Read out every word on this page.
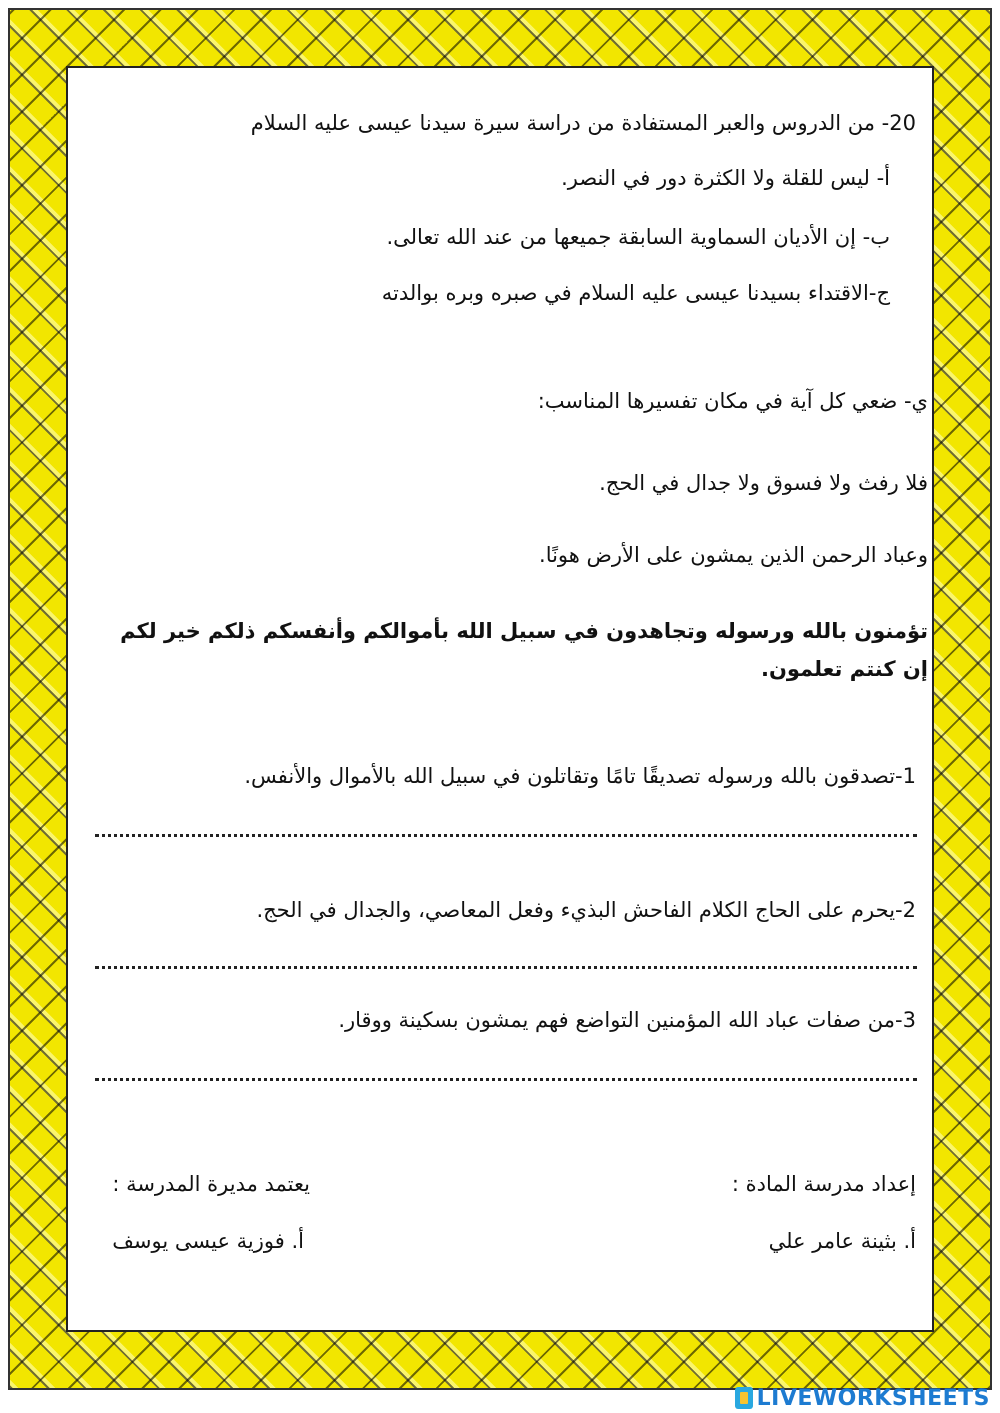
20- من الدروس والعبر المستفادة من دراسة سيرة سيدنا عيسى عليه السلام
أ- ليس للقلة ولا الكثرة دور في النصر.
ب- إن الأديان السماوية السابقة جميعها من عند الله تعالى.
ج-الاقتداء بسيدنا عيسى عليه السلام في صبره وبره بوالدته
ي- ضعي كل آية في مكان تفسيرها المناسب:
فلا رفث ولا فسوق ولا جدال في الحج.
وعباد الرحمن الذين يمشون على الأرض هونًا.
تؤمنون بالله ورسوله وتجاهدون في سبيل الله بأموالكم وأنفسكم ذلكم خير لكم إن كنتم تعلمون.
1-تصدقون بالله ورسوله تصديقًا تامًا وتقاتلون في سبيل الله بالأموال والأنفس.
2-يحرم على الحاج الكلام الفاحش البذيء وفعل المعاصي، والجدال في الحج.
3-من صفات عباد الله المؤمنين التواضع فهم يمشون بسكينة ووقار.
إعداد مدرسة المادة :
أ. بثينة عامر علي
يعتمد مديرة المدرسة :
أ. فوزية عيسى يوسف
LIVEWORKSHEETS
